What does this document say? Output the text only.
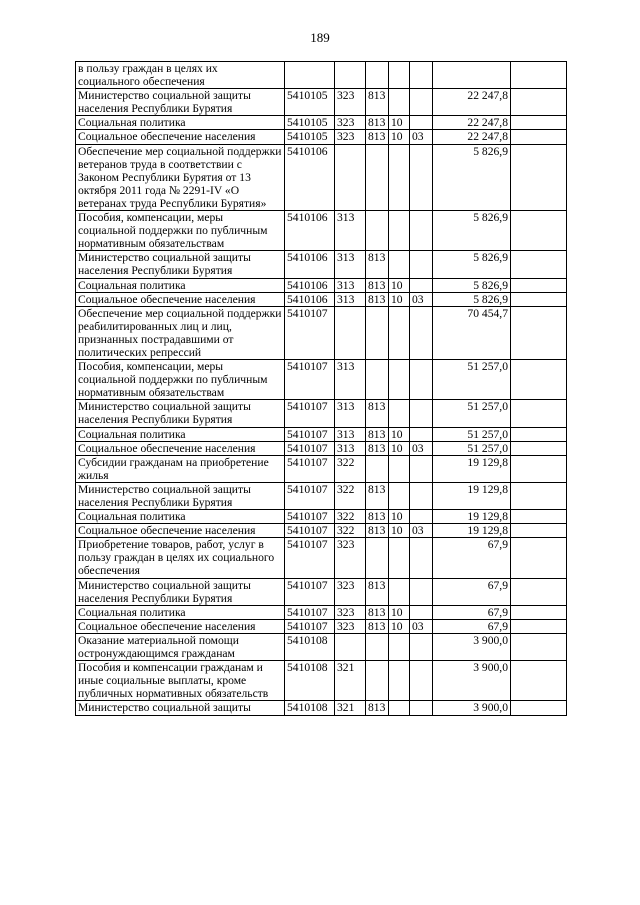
189
в пользу граждан в целях их социального обеспечения							
Министерство социальной защиты населения Республики Бурятия	5410105	323	813			22 247,8	
Социальная политика	5410105	323	813	10		22 247,8	
Социальное обеспечение населения	5410105	323	813	10	03	22 247,8	
Обеспечение мер социальной поддержки ветеранов труда в соответствии с Законом Республики Бурятия от 13 октября 2011 года № 2291-IV «О ветеранах труда Республики Бурятия»	5410106					5 826,9	
Пособия, компенсации, меры социальной поддержки по публичным нормативным обязательствам	5410106	313				5 826,9	
Министерство социальной защиты населения Республики Бурятия	5410106	313	813			5 826,9	
Социальная политика	5410106	313	813	10		5 826,9	
Социальное обеспечение населения	5410106	313	813	10	03	5 826,9	
Обеспечение мер социальной поддержки реабилитированных лиц и лиц, признанных пострадавшими от политических репрессий	5410107					70 454,7	
Пособия, компенсации, меры социальной поддержки по публичным нормативным обязательствам	5410107	313				51 257,0	
Министерство социальной защиты населения Республики Бурятия	5410107	313	813			51 257,0	
Социальная политика	5410107	313	813	10		51 257,0	
Социальное обеспечение населения	5410107	313	813	10	03	51 257,0	
Субсидии гражданам на приобретение жилья	5410107	322				19 129,8	
Министерство социальной защиты населения Республики Бурятия	5410107	322	813			19 129,8	
Социальная политика	5410107	322	813	10		19 129,8	
Социальное обеспечение населения	5410107	322	813	10	03	19 129,8	
Приобретение товаров, работ, услуг в пользу граждан в целях их социального обеспечения	5410107	323				67,9	
Министерство социальной защиты населения Республики Бурятия	5410107	323	813			67,9	
Социальная политика	5410107	323	813	10		67,9	
Социальное обеспечение населения	5410107	323	813	10	03	67,9	
Оказание материальной помощи остронуждающимся гражданам	5410108					3 900,0	
Пособия и компенсации гражданам и иные социальные выплаты, кроме публичных нормативных обязательств	5410108	321				3 900,0	
Министерство социальной защиты	5410108	321	813			3 900,0	
